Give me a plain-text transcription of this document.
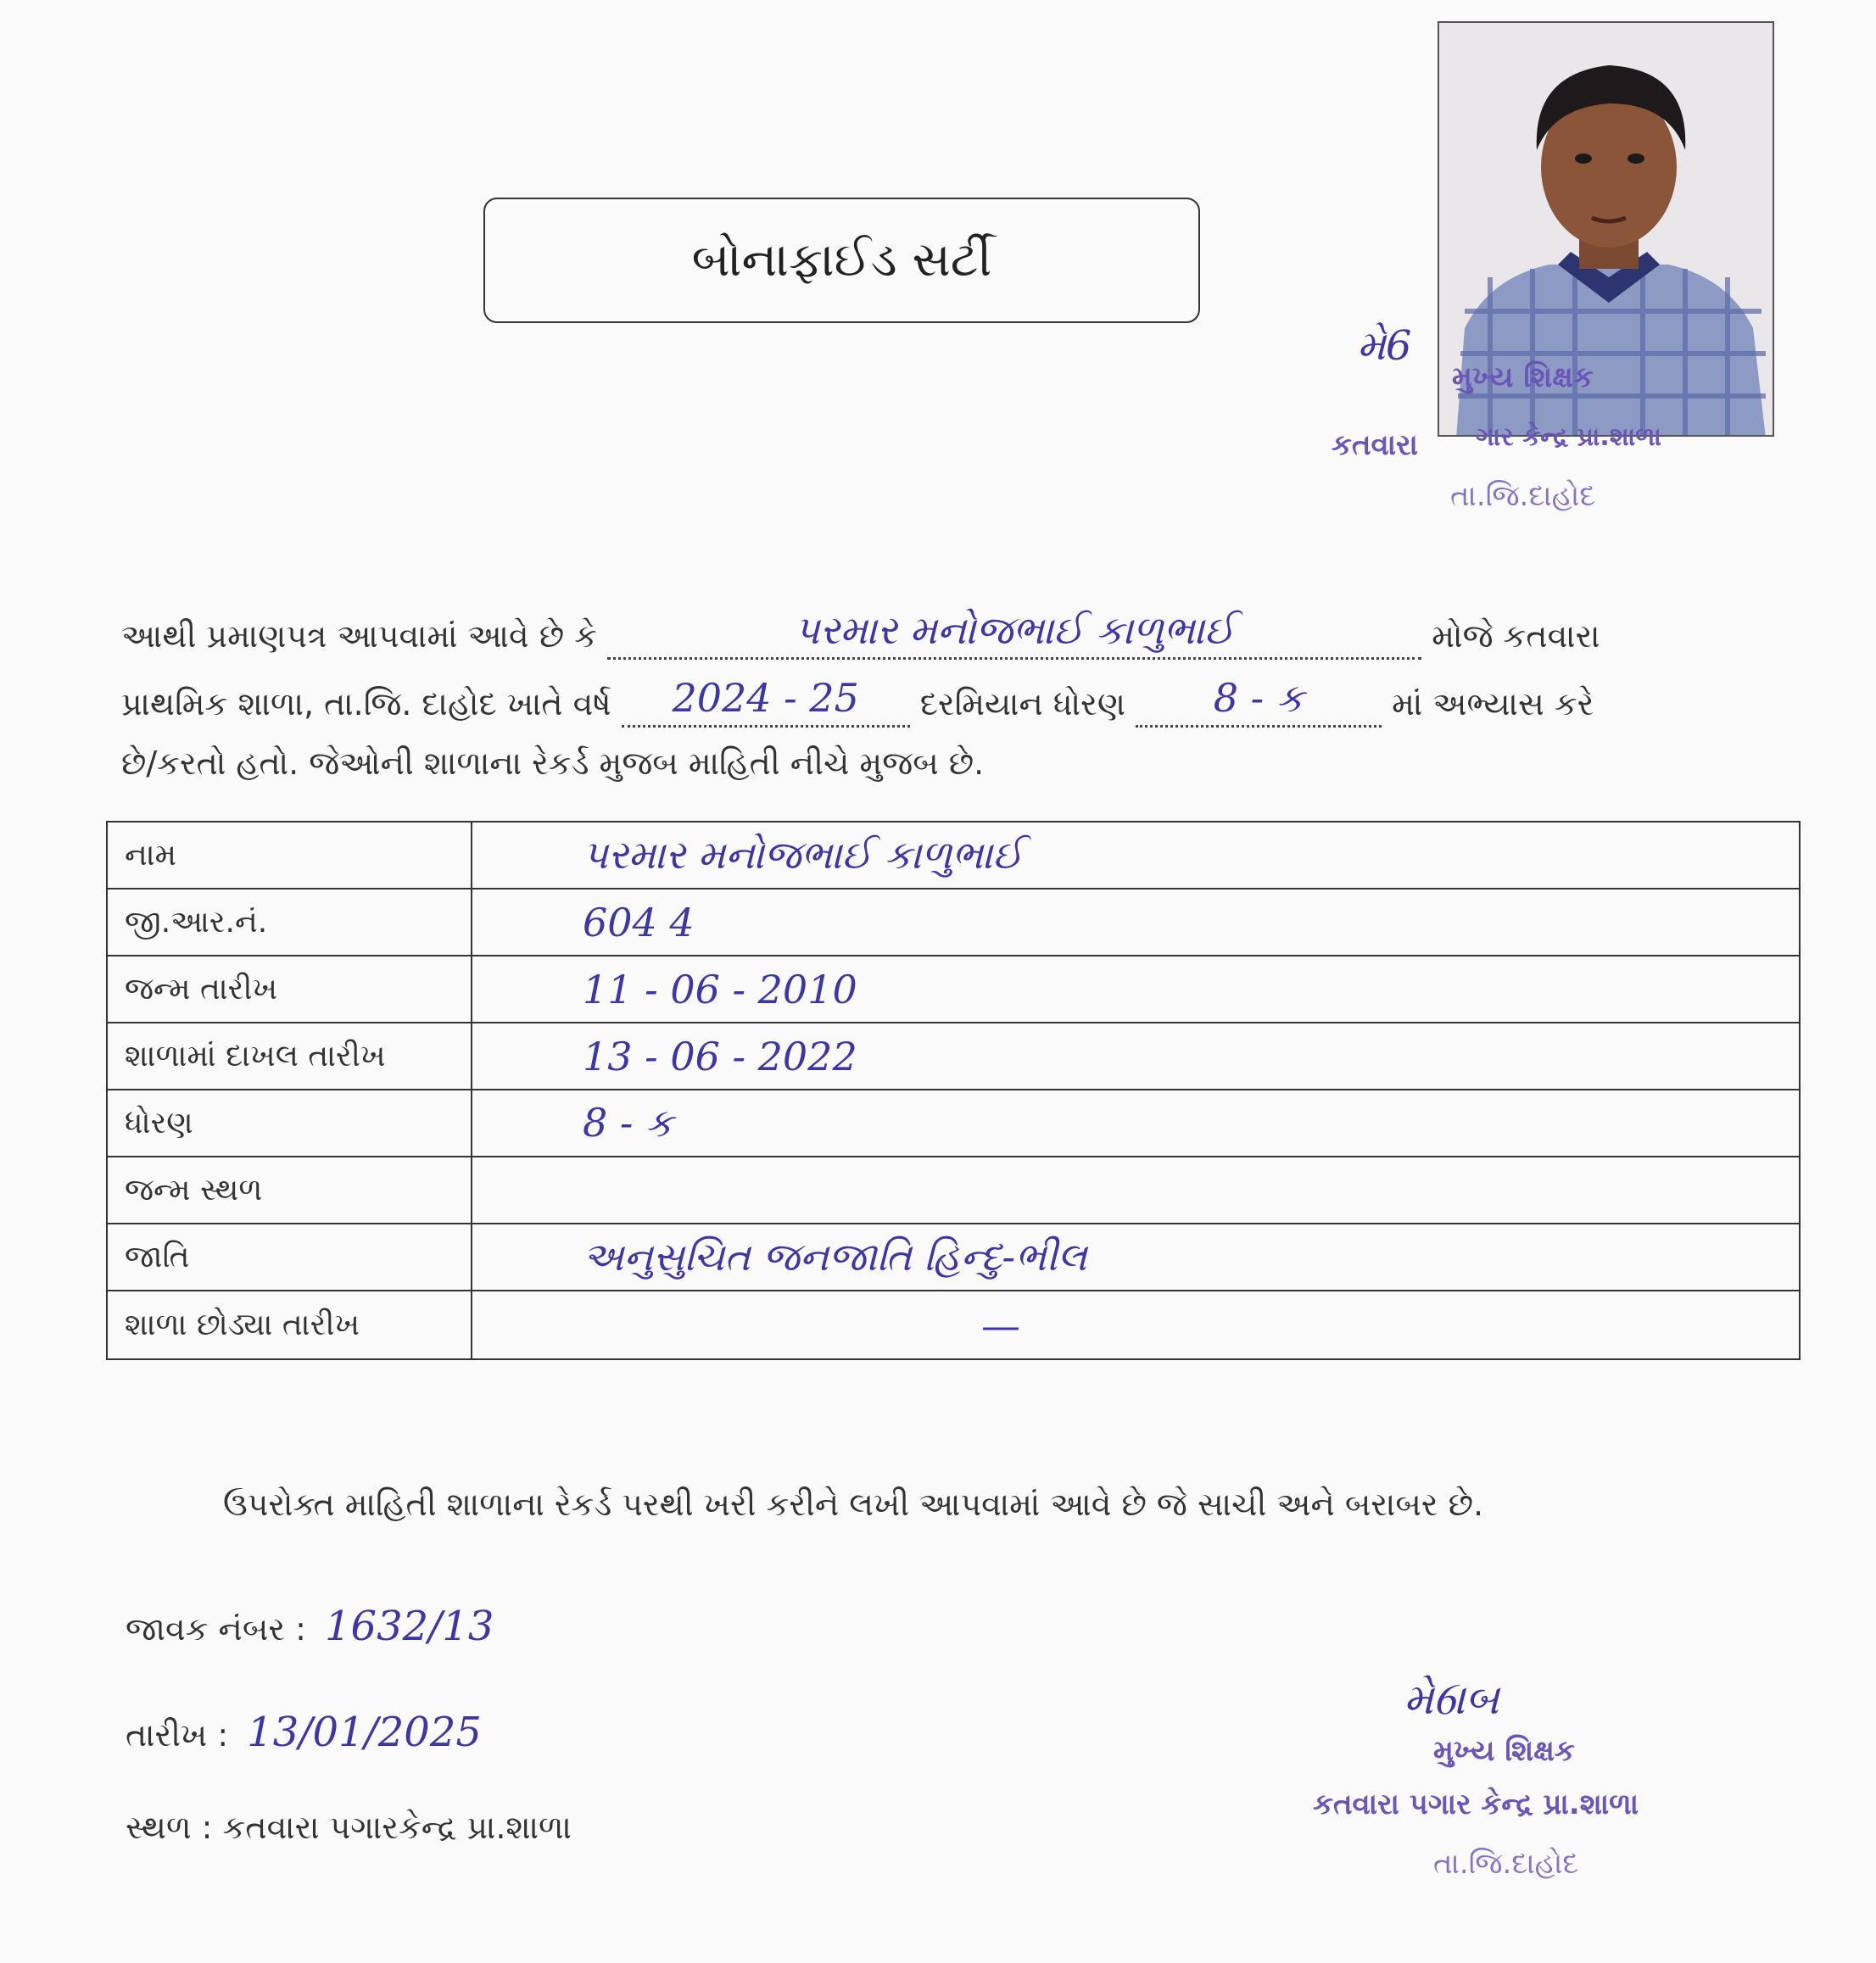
બોનાફાઈડ સર્ટી
મે6
મુખ્ય શિક્ષક
કતવારા ગાર કેન્દ્ર પ્રા.શાળા
તા.જિ.દાહોદ
આથી પ્રમાણપત્ર આપવામાં આવે છે કે	પરમાર મનોજભાઈ કાળુભાઈ	મોજે કતવારા
પ્રાથમિક શાળા, તા.જિ. દાહોદ ખાતે વર્ષ 2024 - 25 દરમિયાન ધોરણ 8 - ક	માં અભ્યાસ કરે
છે/કરતો હતો. જેઓની શાળાના રેકર્ડ મુજબ માહિતી નીચે મુજબ છે.
નામ	પરમાર મનોજભાઈ કાળુભાઈ
જી.આર.નં.	604 4
જન્મ તારીખ	11 - 06 - 2010
શાળામાં દાખલ તારીખ	13 - 06 - 2022
ધોરણ	8 - ક
જન્મ સ્થળ
જાતિ	અનુસુચિત જનજાતિ હિન્દુ-ભીલ
શાળા છોડ્યા તારીખ	—
ઉપરોક્ત માહિતી શાળાના રેકર્ડ પરથી ખરી કરીને લખી આપવામાં આવે છે જે સાચી અને બરાબર છે.
જાવક નંબર : 1632/13
તારીખ : 13/01/2025
સ્થળ : કતવારા પગારકેન્દ્ર પ્રા.શાળા
મે6ાબ
મુખ્ય શિક્ષક
કતવારા પગાર કેન્દ્ર પ્રા.શાળા
તા.જિ.દાહોદ
